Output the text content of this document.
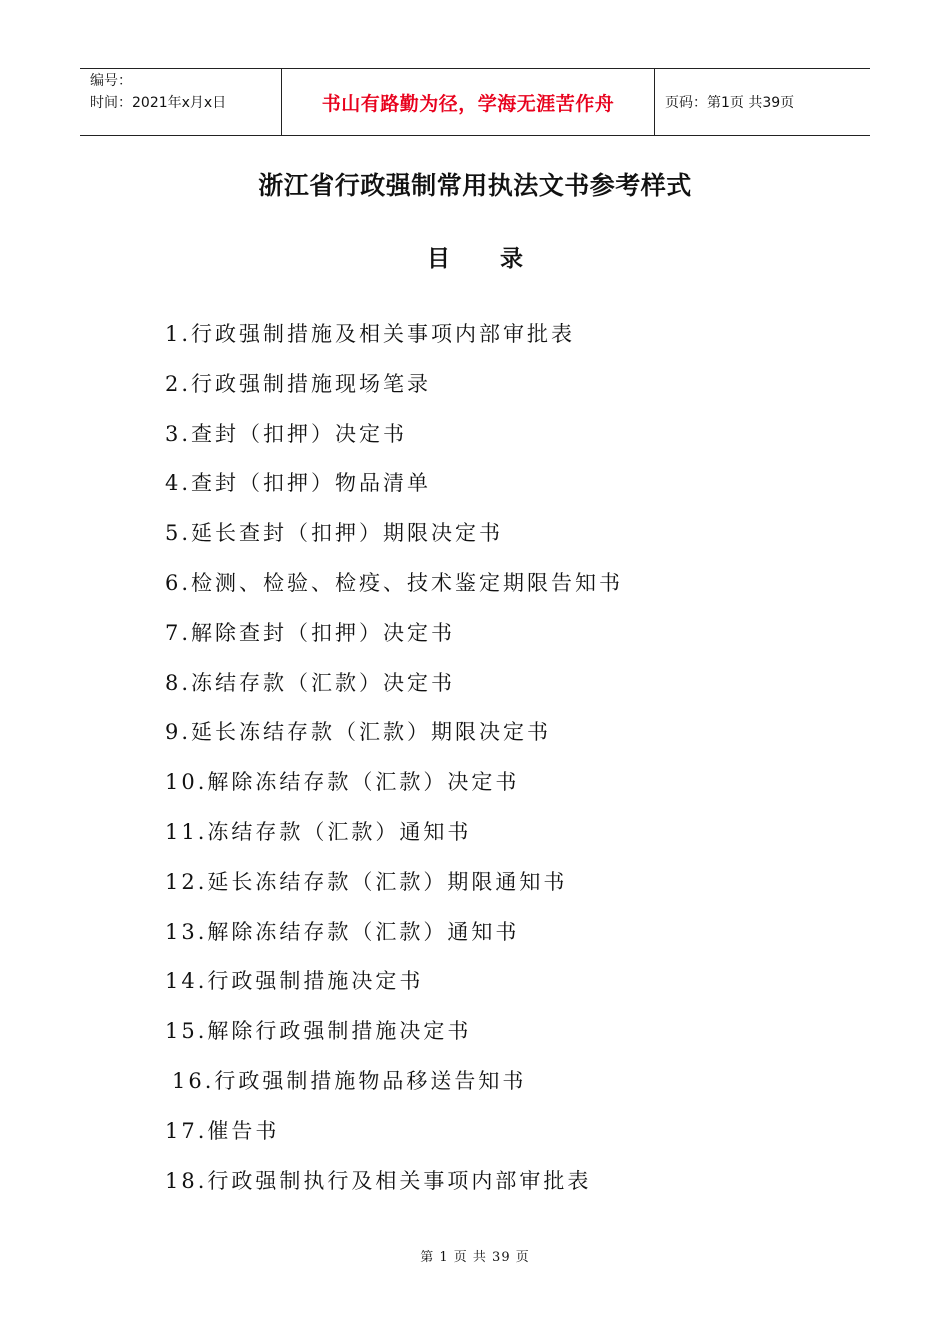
编号：
时间：2021年x月x日	书山有路勤为径，学海无涯苦作舟	页码：第1页 共39页
浙江省行政强制常用执法文书参考样式
目 录
1.行政强制措施及相关事项内部审批表
2.行政强制措施现场笔录
3.查封（扣押）决定书
4.查封（扣押）物品清单
5.延长查封（扣押）期限决定书
6.检测、检验、检疫、技术鉴定期限告知书
7.解除查封（扣押）决定书
8.冻结存款（汇款）决定书
9.延长冻结存款（汇款）期限决定书
10.解除冻结存款（汇款）决定书
11.冻结存款（汇款）通知书
12.延长冻结存款（汇款）期限通知书
13.解除冻结存款（汇款）通知书
14.行政强制措施决定书
15.解除行政强制措施决定书
16.行政强制措施物品移送告知书
17.催告书
18.行政强制执行及相关事项内部审批表
第 1 页 共 39 页
